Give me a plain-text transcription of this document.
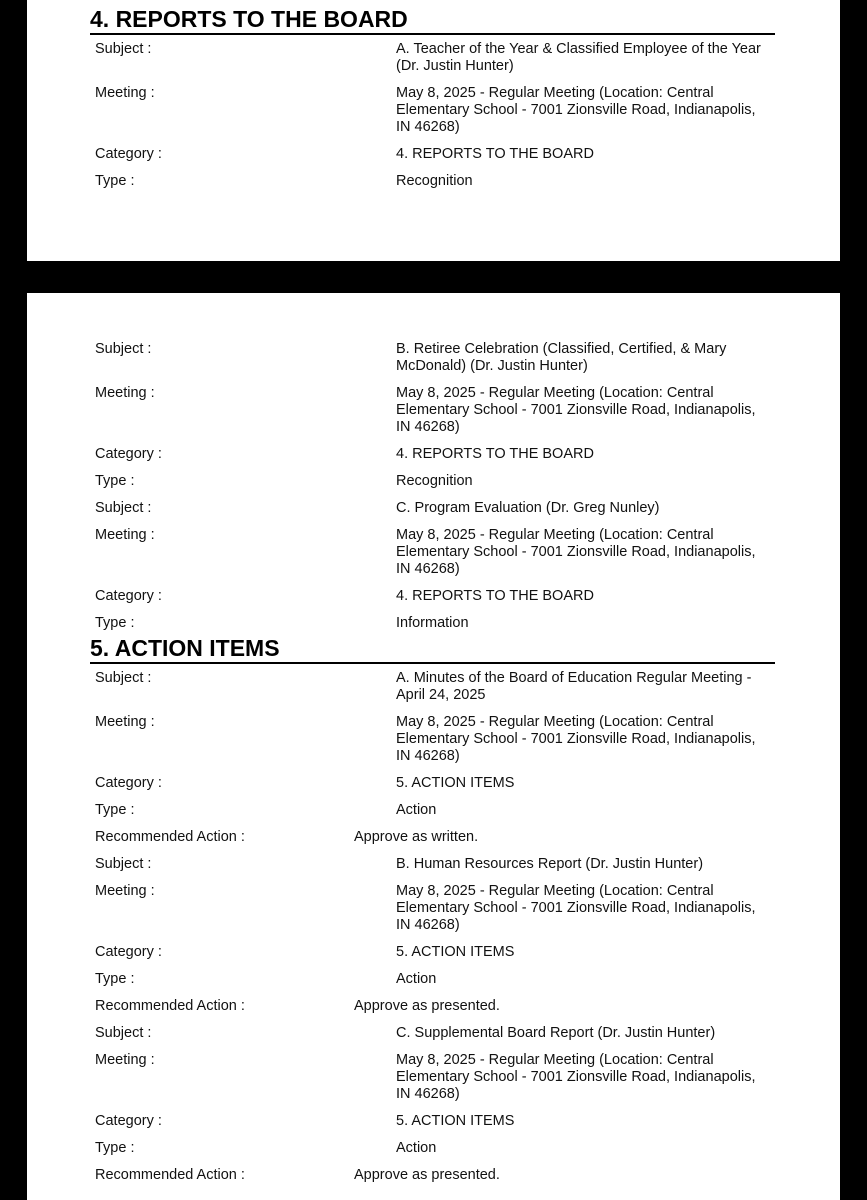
4. REPORTS TO THE BOARD
Subject :	A. Teacher of the Year & Classified Employee of the Year (Dr. Justin Hunter)
Meeting :	May 8, 2025 - Regular Meeting (Location: Central Elementary School - 7001 Zionsville Road, Indianapolis, IN 46268)
Category :	4. REPORTS TO THE BOARD
Type :	Recognition
Subject :	B. Retiree Celebration (Classified, Certified, & Mary McDonald) (Dr. Justin Hunter)
Meeting :	May 8, 2025 - Regular Meeting (Location: Central Elementary School - 7001 Zionsville Road, Indianapolis, IN 46268)
Category :	4. REPORTS TO THE BOARD
Type :	Recognition
Subject :	C. Program Evaluation (Dr. Greg Nunley)
Meeting :	May 8, 2025 - Regular Meeting (Location: Central Elementary School - 7001 Zionsville Road, Indianapolis, IN 46268)
Category :	4. REPORTS TO THE BOARD
Type :	Information
5. ACTION ITEMS
Subject :	A. Minutes of the Board of Education Regular Meeting - April 24, 2025
Meeting :	May 8, 2025 - Regular Meeting (Location: Central Elementary School - 7001 Zionsville Road, Indianapolis, IN 46268)
Category :	5. ACTION ITEMS
Type :	Action
Recommended Action :	Approve as written.
Subject :	B. Human Resources Report (Dr. Justin Hunter)
Meeting :	May 8, 2025 - Regular Meeting (Location: Central Elementary School - 7001 Zionsville Road, Indianapolis, IN 46268)
Category :	5. ACTION ITEMS
Type :	Action
Recommended Action :	Approve as presented.
Subject :	C. Supplemental Board Report (Dr. Justin Hunter)
Meeting :	May 8, 2025 - Regular Meeting (Location: Central Elementary School - 7001 Zionsville Road, Indianapolis, IN 46268)
Category :	5. ACTION ITEMS
Type :	Action
Recommended Action :	Approve as presented.
